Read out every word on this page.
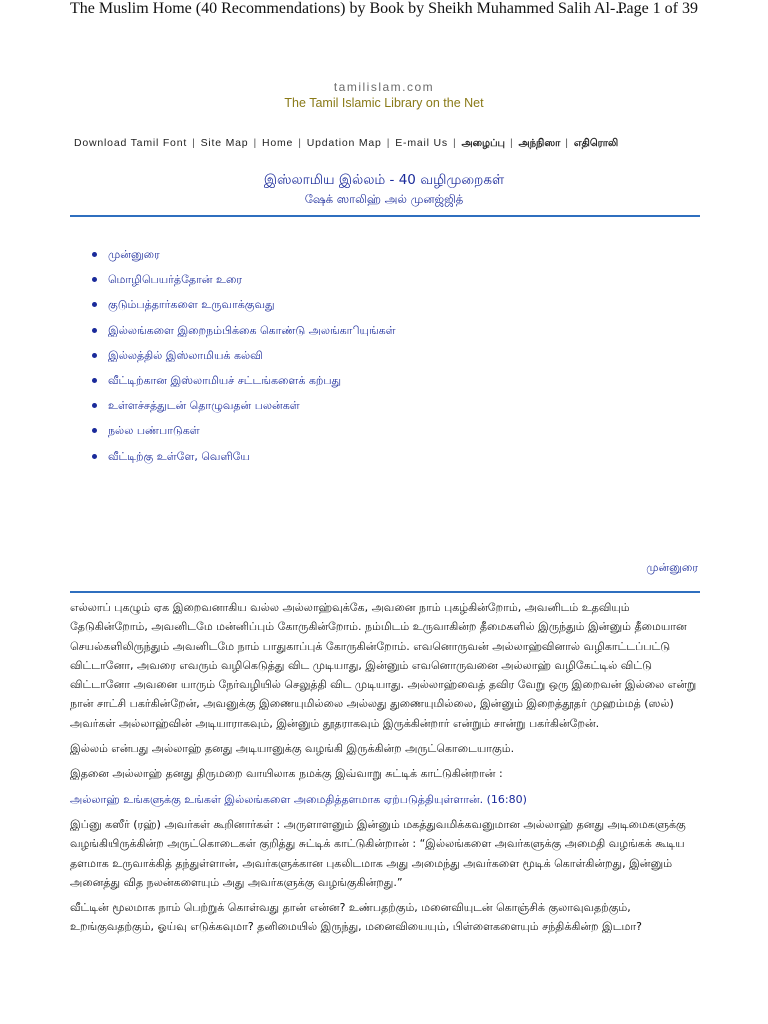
The Muslim Home (40 Recommendations) by Book by Sheikh Muhammed Salih Al-...
Page 1 of 39
tamilislam.com
The Tamil Islamic Library on the Net
Download Tamil Font | Site Map | Home | Updation Map | E-mail Us | அழைப்பு | அந்நிஸா | எதிரொலி
இஸ்லாமிய இல்லம் - 40 வழிமுறைகள்
ஷேக் ஸாலிஹ் அல் முனஜ்ஜித்
முன்னுரை
மொழிபெயர்த்தோன் உரை
குடும்பத்தார்களை உருவாக்குவது
இல்லங்களை இறைநம்பிக்கை கொண்டு அலங்காியுங்கள்
இல்லத்தில் இஸ்லாமியக் கல்வி
வீட்டிற்கான இஸ்லாமியச் சட்டங்களைக் கற்பது
உள்ளச்சத்துடன் தொழுவதன் பலன்கள்
நல்ல பண்பாடுகள்
வீட்டிற்கு உள்ளே, வெளியே
முன்னுரை

எல்லாப் புகழும் ஏக இறைவனாகிய வல்ல அல்லாஹ்வுக்கே, அவனை நாம் புகழ்கின்றோம், அவனிடம் உதவியும் தேடுகின்றோம், அவனிடமே மன்னிப்பும் கோருகின்றோம். நம்மிடம் உருவாகின்ற தீமைகளில் இருந்தும் இன்னும் தீமையான செயல்களிலிருந்தும் அவனிடமே நாம் பாதுகாப்புக் கோருகின்றோம். எவனொருவன் அல்லாஹ்வினால் வழிகாட்டப்பட்டு விட்டானோ, அவரை எவரும் வழிகெடுத்து விட முடியாது, இன்னும் எவனொருவனை அல்லாஹ் வழிகேட்டில் விட்டு விட்டானோ அவனை யாரும் நேர்வழியில் செலுத்தி விட முடியாது. அல்லாஹ்வைத் தவிர வேறு ஒரு இறைவன் இல்லை என்று நான் சாட்சி பகர்கின்றேன், அவனுக்கு இணையுமில்லை அல்லது துணையுமில்லை, இன்னும் இறைத்தூதர் முஹம்மத் (ஸல்) அவர்கள் அல்லாஹ்வின் அடியாராகவும், இன்னும் தூதராகவும் இருக்கின்றார் என்றும் சான்று பகர்கின்றேன்.

இல்லம் என்பது அல்லாஹ் தனது அடியானுக்கு வழங்கி இருக்கின்ற அருட்கொடையாகும்.

இதனை அல்லாஹ் தனது திருமறை வாயிலாக நமக்கு இவ்வாறு சுட்டிக் காட்டுகின்றான் :

அல்லாஹ் உங்களுக்கு உங்கள் இல்லங்களை அமைதித்தளமாக ஏற்படுத்தியுள்ளான். (16:80)

இப்னு கஸீர் (ரஹ்) அவர்கள் கூறினார்கள் : அருளாளனும் இன்னும் மகத்துவமிக்கவனுமான அல்லாஹ் தனது அடிமைகளுக்கு வழங்கியிருக்கின்ற அருட்கொடைகள் குறித்து சுட்டிக் காட்டுகின்றான் : “இல்லங்களை அவர்களுக்கு அமைதி வழங்கக் கூடிய தளமாக உருவாக்கித் தந்துள்ளான், அவர்களுக்கான புகலிடமாக அது அமைந்து அவர்களை மூடிக் கொள்கின்றது, இன்னும் அனைத்து வித நலன்களையும் அது அவர்களுக்கு வழங்குகின்றது.”

வீட்டின் மூலமாக நாம் பெற்றுக் கொள்வது தான் என்ன? உண்பதற்கும், மனைவியுடன் கொஞ்சிக் குலாவுவதற்கும், உறங்குவதற்கும், ஓய்வு எடுக்கவுமா? தனிமையில் இருந்து, மனைவியையும், பிள்ளைகளையும் சந்திக்கின்ற இடமா?
